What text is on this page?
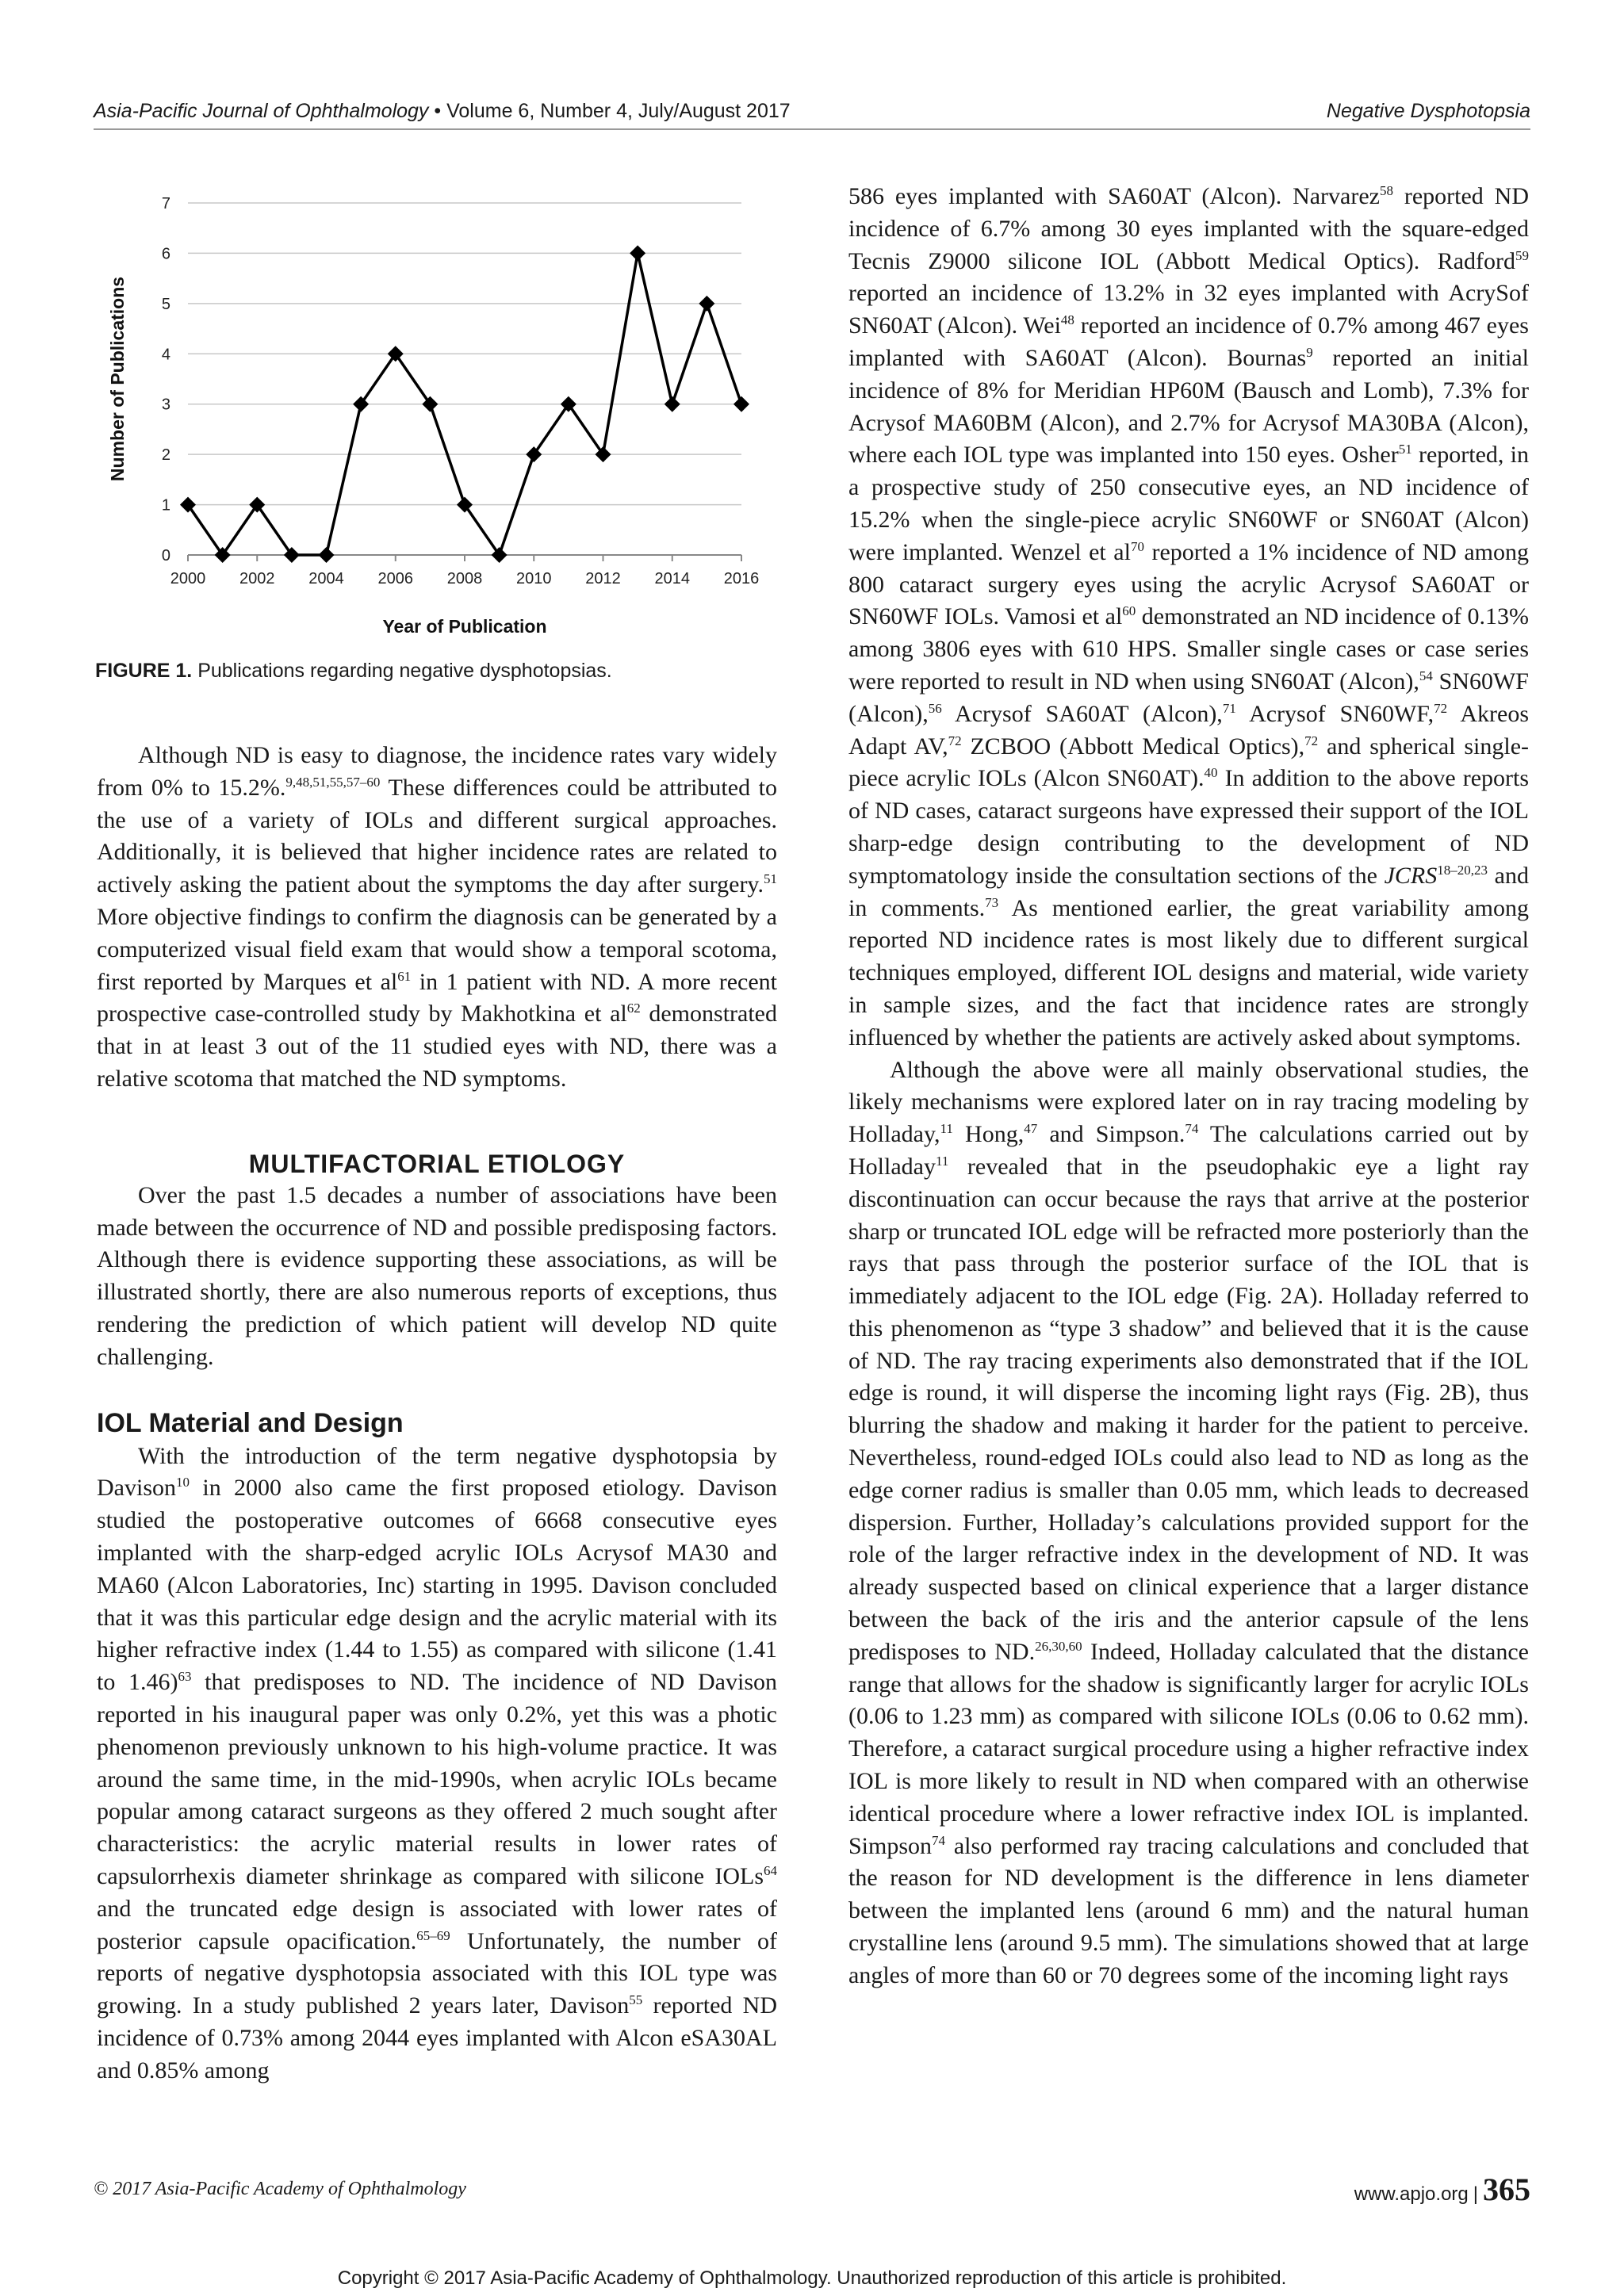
Asia-Pacific Journal of Ophthalmology • Volume 6, Number 4, July/August 2017	Negative Dysphotopsia
0
1
2
3
4
5
6
7
2000 2002 2004 2006 2008 2010 2012 2014 2016
Year of Publication
Number of Publications
FIGURE 1. Publications regarding negative dysphotopsias.

Although ND is easy to diagnose, the incidence rates vary widely from 0% to 15.2%.$^{9,48,51,55,57-60}$ These differences could be attributed to the use of a variety of IOLs and different surgical approaches. Additionally, it is believed that higher incidence rates are related to actively asking the patient about the symptoms the day after surgery.$^{51}$ More objective findings to confirm the diagnosis can be generated by a computerized visual field exam that would show a temporal scotoma, first reported by Marques et $al^{61}$ in 1 patient with ND. A more recent prospective case-controlled study by Makhotkina et $al^{62}$ demonstrated that in at least 3 out of the 11 studied eyes with ND, there was a relative scotoma that matched the ND symptoms.

MULTIFACTORIAL ETIOLOGY

Over the past 1.5 decades a number of associations have been made between the occurrence of ND and possible predisposing factors. Although there is evidence supporting these associations, as will be illustrated shortly, there are also numerous reports of exceptions, thus rendering the prediction of which patient will develop ND quite challenging.

IOL Material and Design

With the introduction of the term negative dysphotopsia by Davison$^{10}$ in 2000 also came the first proposed etiology. Davison studied the postoperative outcomes of 6668 consecutive eyes implanted with the sharp-edged acrylic IOLs Acrysof MA30 and MA60 (Alcon Laboratories, Inc) starting in 1995. Davison concluded that it was this particular edge design and the acrylic material with its higher refractive index (1.44 to 1.55) as compared with silicone (1.41 to 1.46)$^{63}$ that predisposes to ND. The incidence of ND Davison reported in his inaugural paper was only 0.2%, yet this was a photic phenomenon previously unknown to his high-volume practice. It was around the same time, in the mid-1990s, when acrylic IOLs became popular among cataract surgeons as they offered 2 much sought after characteristics: the acrylic material results in lower rates of capsulorrhexis diameter shrinkage as compared with silicone IOLs$^{64}$ and the truncated edge design is associated with lower rates of posterior capsule opacification.$^{65-69}$ Unfortunately, the number of reports of negative dysphotopsia associated with this IOL type was growing. In a study published 2 years later, Davison$^{55}$ reported ND incidence of 0.73% among 2044 eyes implanted with Alcon eSA30AL and 0.85% among

586 eyes implanted with SA60AT (Alcon). Narvarez$^{58}$ reported ND incidence of 6.7% among 30 eyes implanted with the square-edged Tecnis Z9000 silicone IOL (Abbott Medical Optics). Radford$^{59}$ reported an incidence of 13.2% in 32 eyes implanted with AcrySof SN60AT (Alcon). Wei$^{48}$ reported an incidence of 0.7% among 467 eyes implanted with SA60AT (Alcon). Bournas$^9$ reported an initial incidence of 8% for Meridian HP60M (Bausch and Lomb), 7.3% for Acrysof MA60BM (Alcon), and 2.7% for Acrysof MA30BA (Alcon), where each IOL type was implanted into 150 eyes. Osher$^{51}$ reported, in a prospective study of 250 consecutive eyes, an ND incidence of 15.2% when the single-piece acrylic SN60WF or SN60AT (Alcon) were implanted. Wenzel et $al^{70}$ reported a 1% incidence of ND among 800 cataract surgery eyes using the acrylic Acrysof SA60AT or SN60WF IOLs. Vamosi et $al^{60}$ demonstrated an ND incidence of 0.13% among 3806 eyes with 610 HPS. Smaller single cases or case series were reported to result in ND when using SN60AT (Alcon),$^{54}$ SN60WF (Alcon),$^{56}$ Acrysof SA60AT (Alcon),$^{71}$ Acrysof SN60WF,$^{72}$ Akreos Adapt AV,$^{72}$ ZCBOO (Abbott Medical Optics),$^{72}$ and spherical single-piece acrylic IOLs (Alcon SN60AT).$^{40}$ In addition to the above reports of ND cases, cataract surgeons have expressed their support of the IOL sharp-edge design contributing to the development of ND symptomatology inside the consultation sections of the JCRS$^{18-20,23}$ and in comments.$^{73}$ As mentioned earlier, the great variability among reported ND incidence rates is most likely due to different surgical techniques employed, different IOL designs and material, wide variety in sample sizes, and the fact that incidence rates are strongly influenced by whether the patients are actively asked about symptoms.

Although the above were all mainly observational studies, the likely mechanisms were explored later on in ray tracing modeling by Holladay,$^{11}$ Hong,$^{47}$ and Simpson.$^{74}$ The calculations carried out by Holladay$^{11}$ revealed that in the pseudophakic eye a light ray discontinuation can occur because the rays that arrive at the posterior sharp or truncated IOL edge will be refracted more posteriorly than the rays that pass through the posterior surface of the IOL that is immediately adjacent to the IOL edge (Fig. 2A). Holladay referred to this phenomenon as “type 3 shadow” and believed that it is the cause of ND. The ray tracing experiments also demonstrated that if the IOL edge is round, it will disperse the incoming light rays (Fig. 2B), thus blurring the shadow and making it harder for the patient to perceive. Nevertheless, round-edged IOLs could also lead to ND as long as the edge corner radius is smaller than 0.05 mm, which leads to decreased dispersion. Further, Holladay’s calculations provided support for the role of the larger refractive index in the development of ND. It was already suspected based on clinical experience that a larger distance between the back of the iris and the anterior capsule of the lens predisposes to ND.$^{26,30,60}$ Indeed, Holladay calculated that the distance range that allows for the shadow is significantly larger for acrylic IOLs (0.06 to 1.23 mm) as compared with silicone IOLs (0.06 to 0.62 mm). Therefore, a cataract surgical procedure using a higher refractive index IOL is more likely to result in ND when compared with an otherwise identical procedure where a lower refractive index IOL is implanted. Simpson$^{74}$ also performed ray tracing calculations and concluded that the reason for ND development is the difference in lens diameter between the implanted lens (around 6 mm) and the natural human crystalline lens (around 9.5 mm). The simulations showed that at large angles of more than 60 or 70 degrees some of the incoming light rays

© 2017 Asia-Pacific Academy of Ophthalmology	www.apjo.org | 365
Copyright © 2017 Asia-Pacific Academy of Ophthalmology. Unauthorized reproduction of this article is prohibited.
